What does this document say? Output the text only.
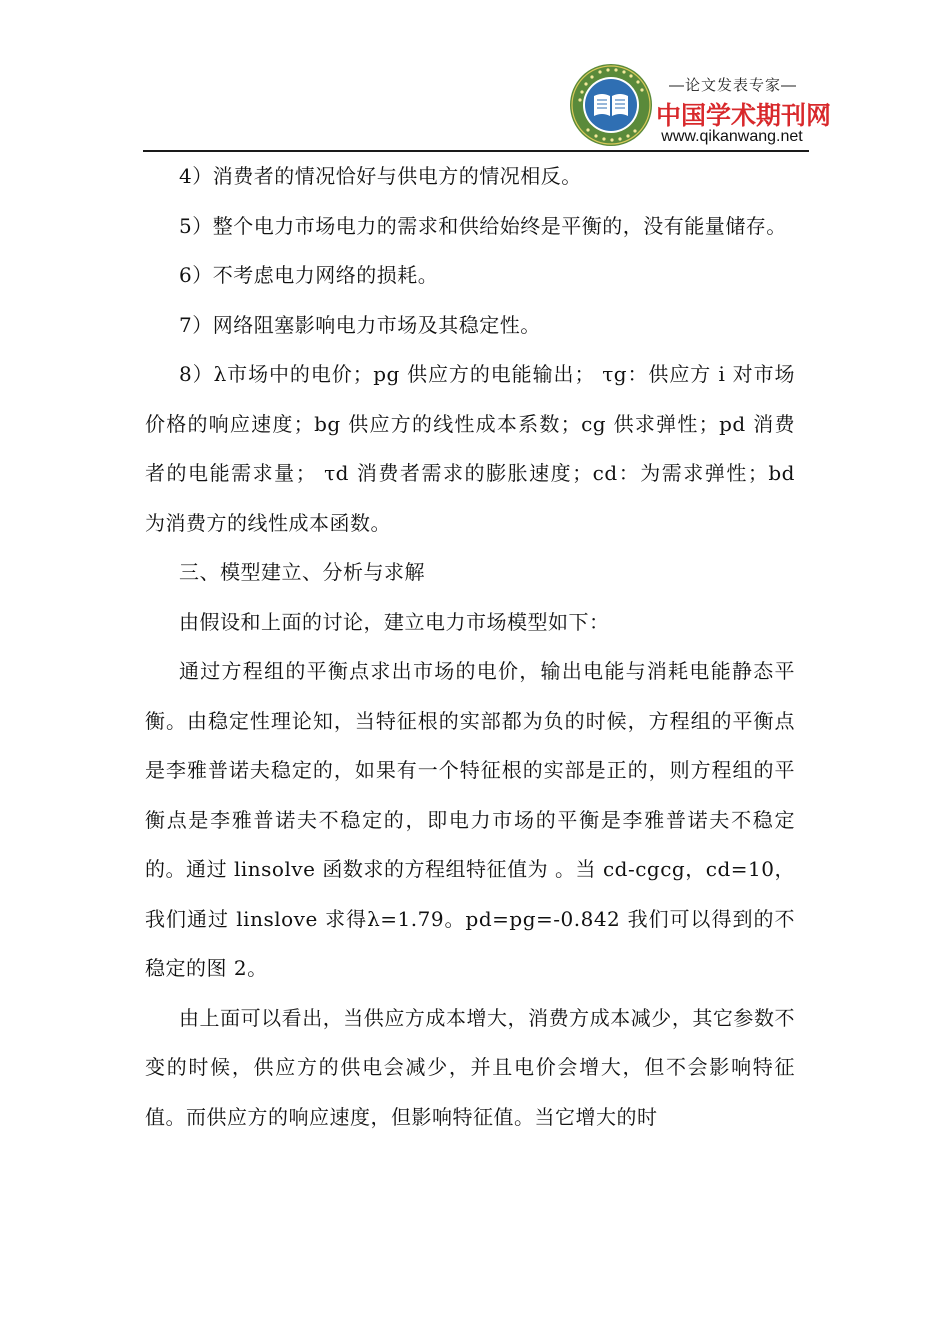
—论文发表专家—
中国学术期刊网
www.qikanwang.net

4）消费者的情况恰好与供电方的情况相反。

5）整个电力市场电力的需求和供给始终是平衡的，没有能量储存。

6）不考虑电力网络的损耗。

7）网络阻塞影响电力市场及其稳定性。

8）λ市场中的电价；pg 供应方的电能输出； τg：供应方 i 对市场价格的响应速度；bg 供应方的线性成本系数；cg 供求弹性；pd 消费者的电能需求量； τd 消费者需求的膨胀速度；cd：为需求弹性；bd 为消费方的线性成本函数。

三、模型建立、分析与求解

由假设和上面的讨论，建立电力市场模型如下：

通过方程组的平衡点求出市场的电价，输出电能与消耗电能静态平衡。由稳定性理论知，当特征根的实部都为负的时候，方程组的平衡点是李雅普诺夫稳定的，如果有一个特征根的实部是正的，则方程组的平衡点是李雅普诺夫不稳定的，即电力市场的平衡是李雅普诺夫不稳定的。通过 linsolve 函数求的方程组特征值为 。当 cd-cgcg，cd=10，我们通过 linslove 求得λ=1.79。pd=pg=-0.842 我们可以得到的不稳定的图 2。

由上面可以看出，当供应方成本增大，消费方成本减少，其它参数不变的时候，供应方的供电会减少，并且电价会增大，但不会影响特征值。而供应方的响应速度，但影响特征值。当它增大的时
